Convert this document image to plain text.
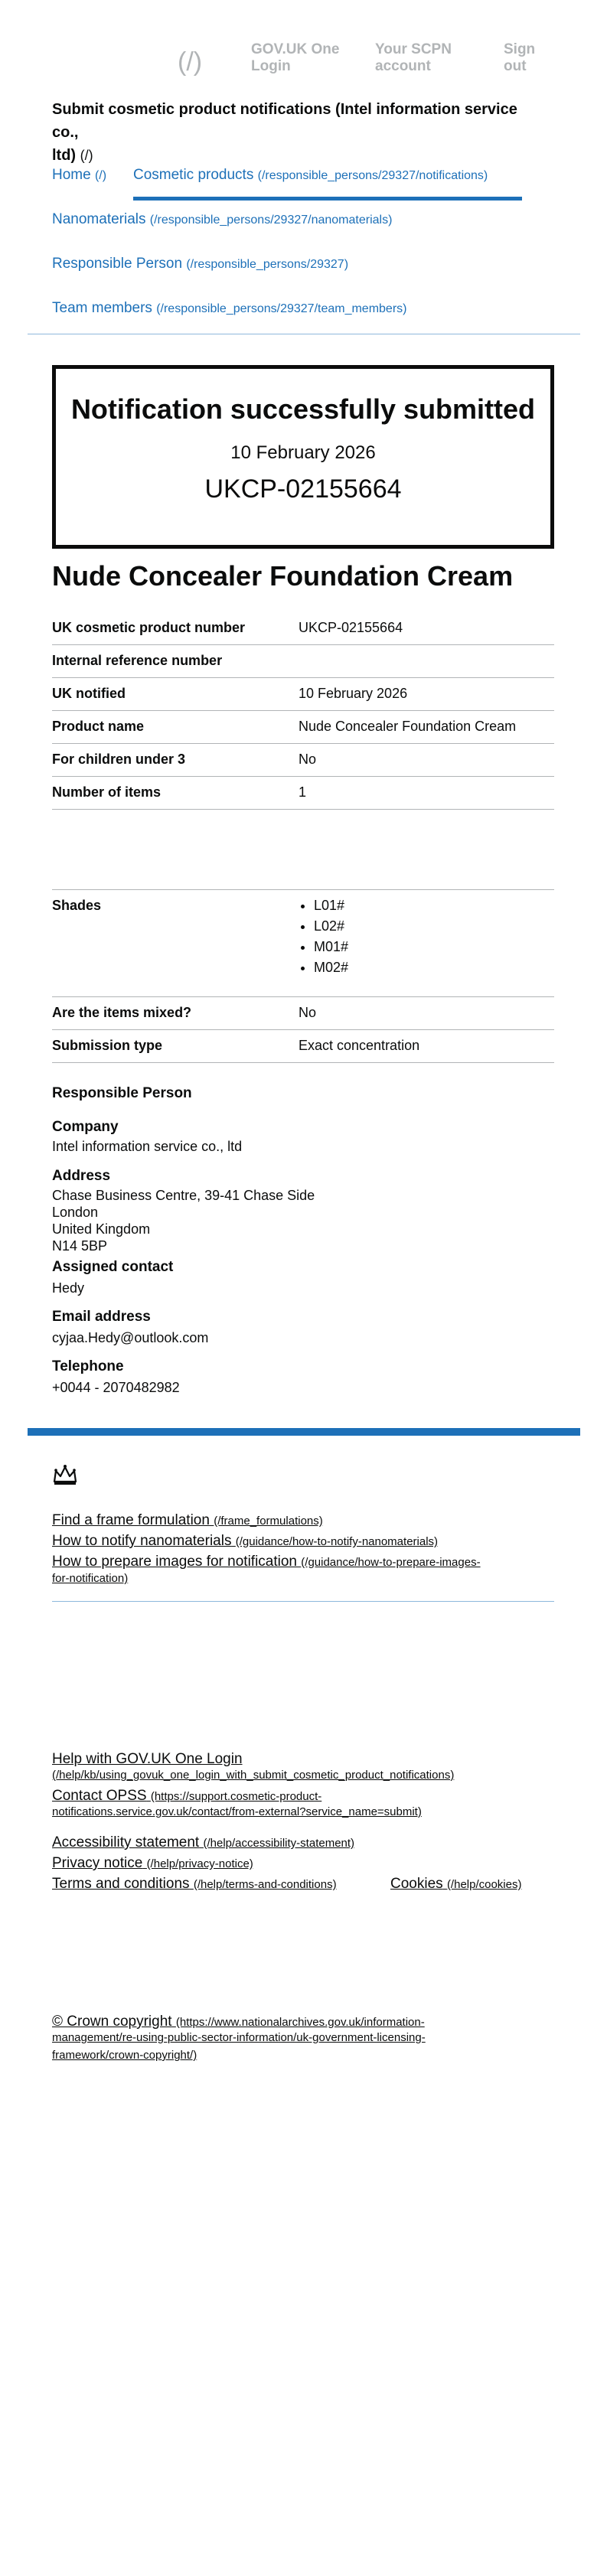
(/)	GOV.UK One
Login
Your SCPN
account
Sign
out
Submit cosmetic product notifications (Intel information service co.,
ltd) (/)
Home (/) Cosmetic products (/responsible_persons/29327/notifications)
Nanomaterials (/responsible_persons/29327/nanomaterials)
Responsible Person (/responsible_persons/29327)
Team members (/responsible_persons/29327/team_members)
Notification successfully submitted
10 February 2026
UKCP-02155664
Nude Concealer Foundation Cream
UK cosmetic product number	UKCP-02155664
Internal reference number
UK notified	10 February 2026
Product name	Nude Concealer Foundation Cream
For children under 3	No
Number of items	1
Shades
•	L01#
• L02#
• M01#
• M02#
Are the items mixed?	No
Submission type	Exact concentration
Responsible Person
Company
Intel information service co., ltd
Address
Chase Business Centre, 39-41 Chase Side
London
United Kingdom
N14 5BP
Assigned contact
Hedy
Email address
cyjaa.Hedy@outlook.com
Telephone
+0044 - 2070482982
Find a frame formulation (/frame_formulations)
How to notify nanomaterials (/guidance/how-to-notify-nanomaterials)
How to prepare images for notification (/guidance/how-to-prepare-images-
for-notification)
Help with GOV.UK One Login
(/help/kb/using_govuk_one_login_with_submit_cosmetic_product_notifications)
Contact OPSS (https://support.cosmetic-product-
notifications.service.gov.uk/contact/from-external?service_name=submit)
Accessibility statement (/help/accessibility-statement)
Privacy notice (/help/privacy-notice)
Terms and conditions (/help/terms-and-conditions)	Cookies (/help/cookies)
© Crown copyright (https://www.nationalarchives.gov.uk/information-
management/re-using-public-sector-information/uk-government-licensing-
framework/crown-copyright/)
